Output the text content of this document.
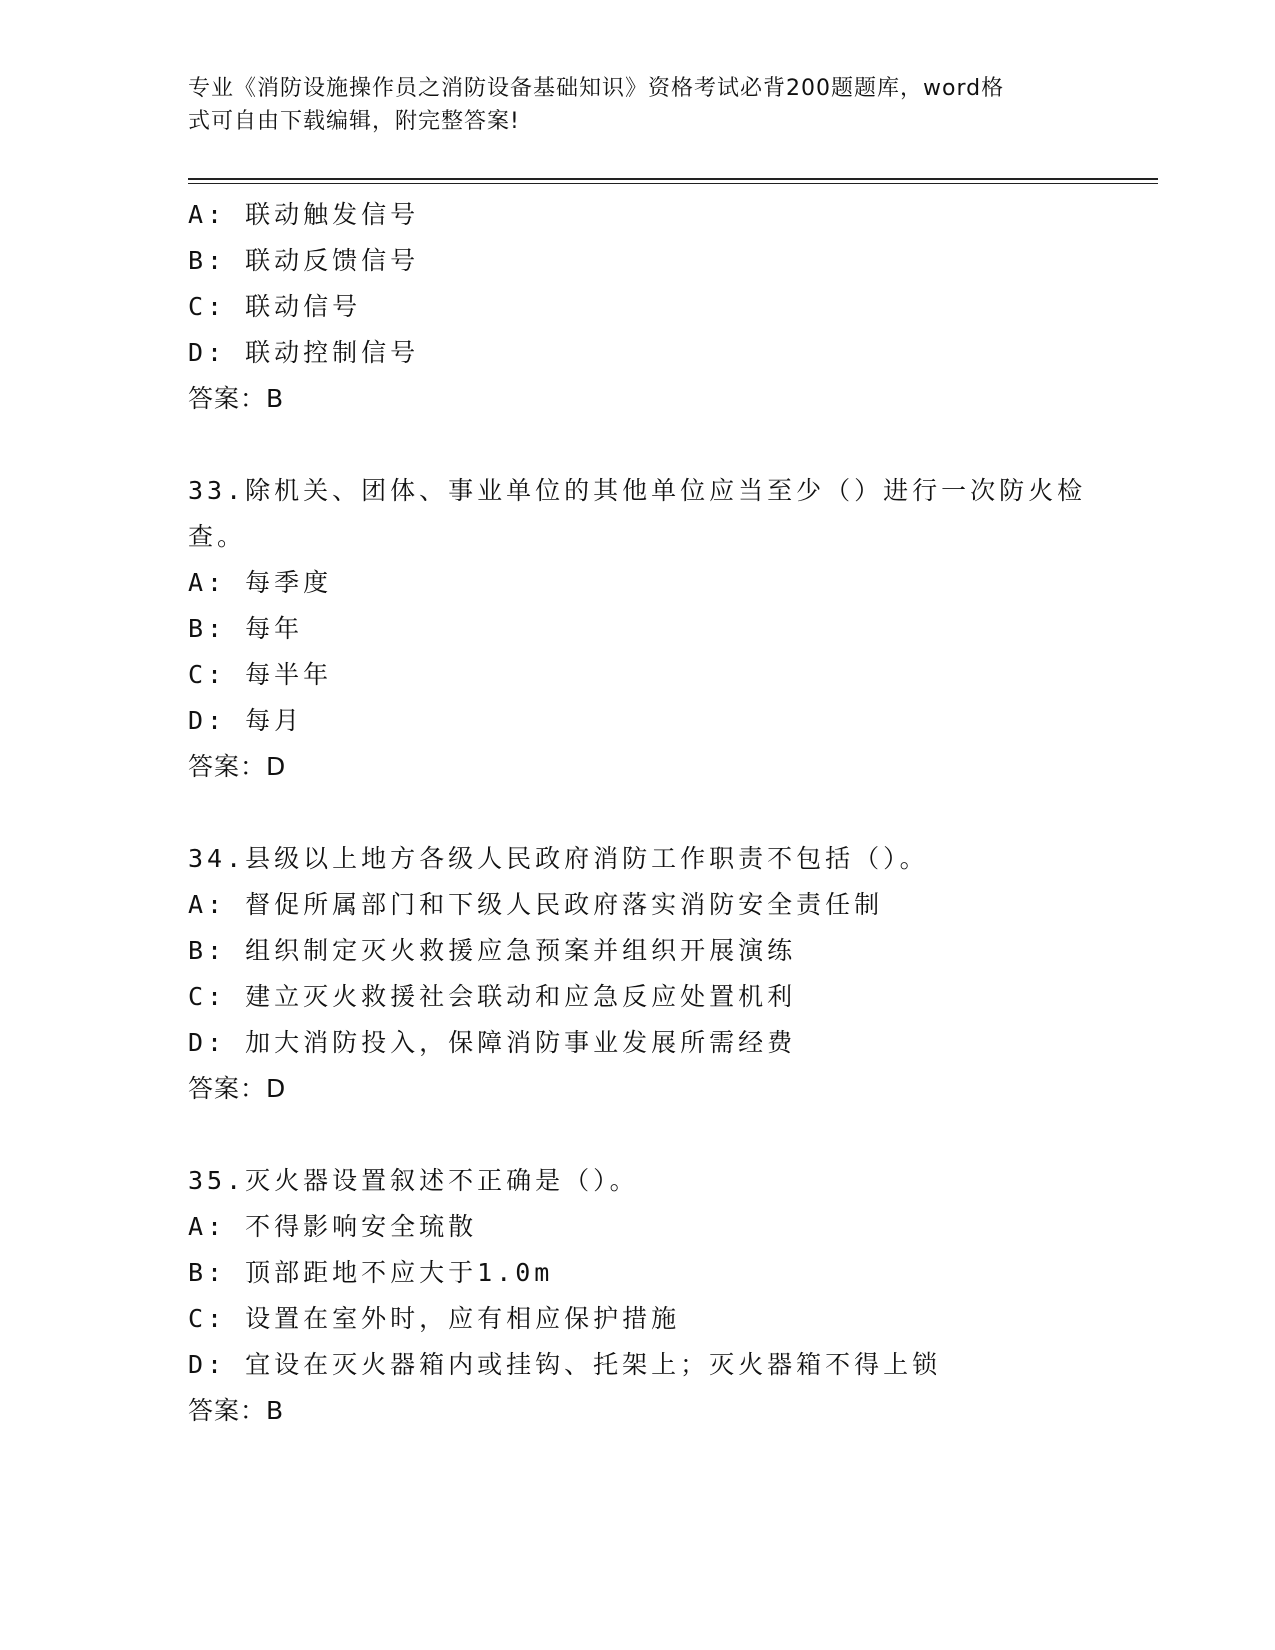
专业《消防设施操作员之消防设备基础知识》资格考试必背200题题库，word格
式可自由下载编辑，附完整答案!
A: 联动触发信号
B: 联动反馈信号
C: 联动信号
D: 联动控制信号
答案：B
33.除机关、团体、事业单位的其他单位应当至少（）进行一次防火检查。
A: 每季度
B: 每年
C: 每半年
D: 每月
答案：D
34.县级以上地方各级人民政府消防工作职责不包括（）。
A: 督促所属部门和下级人民政府落实消防安全责任制
B: 组织制定灭火救援应急预案并组织开展演练
C: 建立灭火救援社会联动和应急反应处置机利
D: 加大消防投入，保障消防事业发展所需经费
答案：D
35.灭火器设置叙述不正确是（）。
A: 不得影响安全琉散
B: 顶部距地不应大于1.0m
C: 设置在室外时，应有相应保护措施
D: 宜设在灭火器箱内或挂钩、托架上；灭火器箱不得上锁
答案：B
